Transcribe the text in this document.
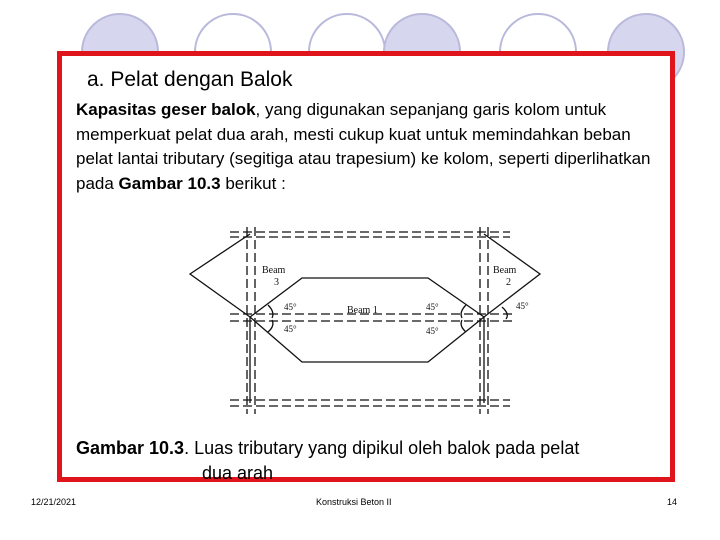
a. Pelat dengan Balok
Kapasitas geser balok, yang digunakan sepanjang garis kolom untuk memperkuat pelat dua arah, mesti cukup kuat untuk memindahkan beban pelat lantai tributary (segitiga atau trapesium) ke kolom, seperti diperlihatkan pada Gambar 10.3 berikut :
Beam
3
Beam
2
Beam 1
45°	45°	45°
45°	45°
Gambar 10.3. Luas tributary yang dipikul oleh balok pada pelat
dua arah
12/21/2021	Konstruksi Beton II	14
